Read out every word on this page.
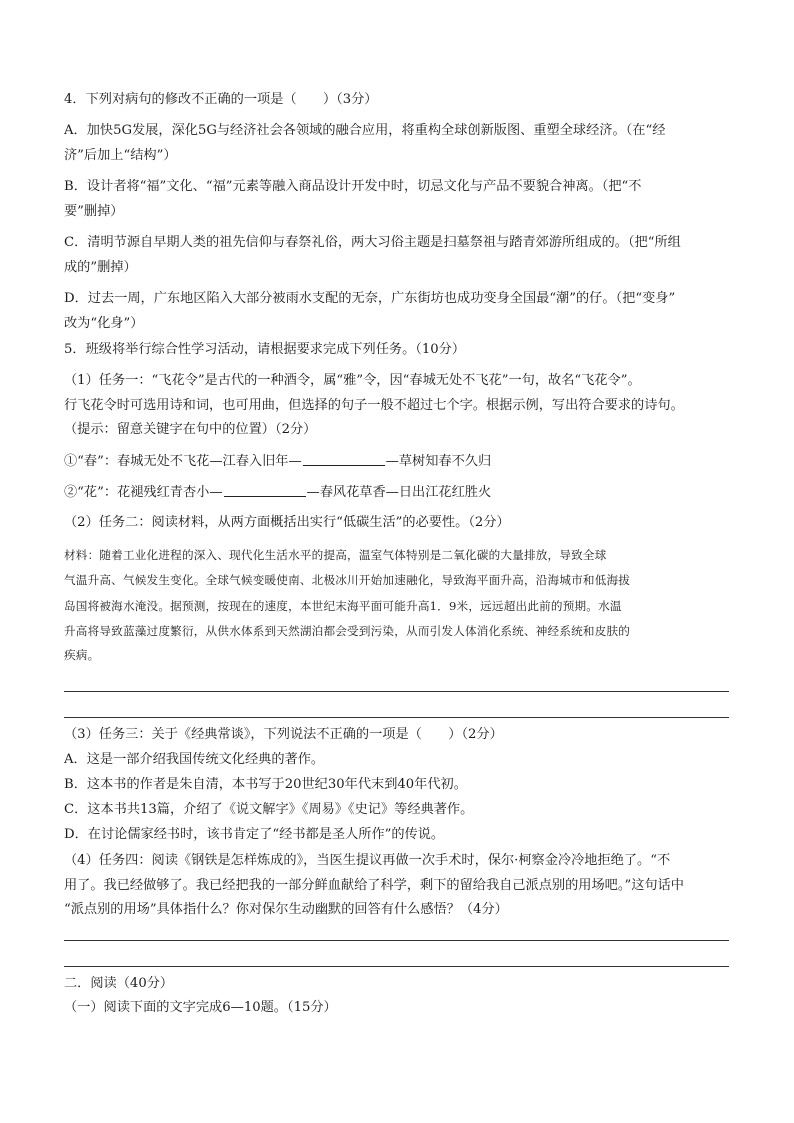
4．下列对病句的修改不正确的一项是（　　）（3分）
A．加快5G发展，深化5G与经济社会各领域的融合应用，将重构全球创新版图、重塑全球经济。（在“经
济”后加上“结构”）
B．设计者将“福”文化、“福”元素等融入商品设计开发中时，切忌文化与产品不要貌合神离。（把“不
要”删掉）
C．清明节源自早期人类的祖先信仰与春祭礼俗，两大习俗主题是扫墓祭祖与踏青郊游所组成的。（把“所组
成的”删掉）
D．过去一周，广东地区陷入大部分被雨水支配的无奈，广东街坊也成功变身全国最“潮”的仔。（把“变身”
改为“化身”）
5．班级将举行综合性学习活动，请根据要求完成下列任务。（10分）
（1）任务一：“飞花令”是古代的一种酒令，属“雅”令，因“春城无处不飞花”一句，故名“飞花令”。
行飞花令时可选用诗和词，也可用曲，但选择的句子一般不超过七个字。根据示例，写出符合要求的诗句。
（提示：留意关键字在句中的位置）（2分）
①“春”：春城无处不飞花—江春入旧年—	—草树知春不久归
②“花”：花褪残红青杏小—	—春风花草香—日出江花红胜火
（2）任务二：阅读材料，从两方面概括出实行“低碳生活”的必要性。（2分）
材料：随着工业化进程的深入、现代化生活水平的提高，温室气体特别是二氧化碳的大量排放，导致全球
气温升高、气候发生变化。全球气候变暖使南、北极冰川开始加速融化，导致海平面升高，沿海城市和低海拔
岛国将被海水淹没。据预测，按现在的速度，本世纪末海平面可能升高1．9米，远远超出此前的预期。水温
升高将导致蓝藻过度繁衍，从供水体系到天然湖泊都会受到污染，从而引发人体消化系统、神经系统和皮肤的
疾病。
（3）任务三：关于《经典常谈》，下列说法不正确的一项是（　　）（2分）
A．这是一部介绍我国传统文化经典的著作。
B．这本书的作者是朱自清，本书写于20世纪30年代末到40年代初。
C．这本书共13篇，介绍了《说文解字》《周易》《史记》等经典著作。
D．在讨论儒家经书时，该书肯定了“经书都是圣人所作”的传说。
（4）任务四：阅读《钢铁是怎样炼成的》，当医生提议再做一次手术时，保尔·柯察金冷冷地拒绝了。“不
用了。我已经做够了。我已经把我的一部分鲜血献给了科学，剩下的留给我自己派点别的用场吧。”这句话中
“派点别的用场”具体指什么？你对保尔生动幽默的回答有什么感悟？（4分）
二．阅读（40分）
（一）阅读下面的文字完成6—10题。（15分）
